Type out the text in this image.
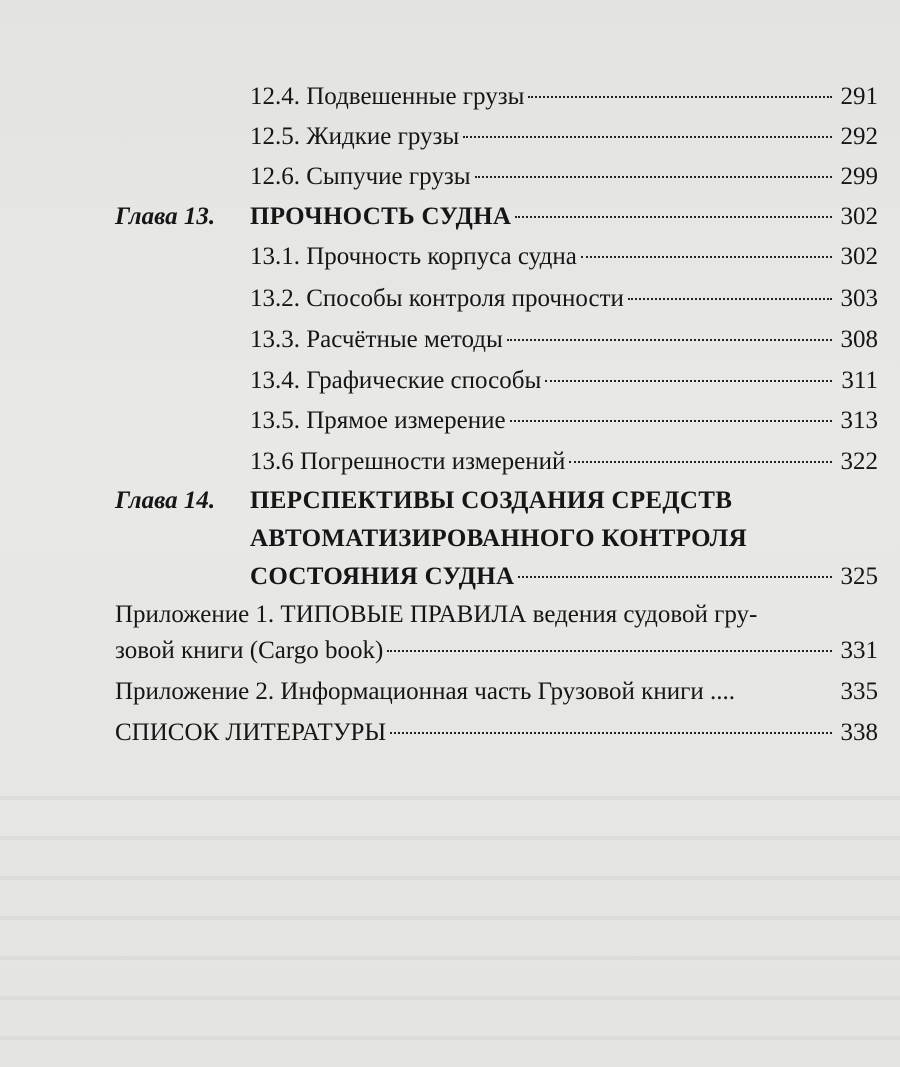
12.4. Подвешенные грузы	291
12.5. Жидкие грузы	292
12.6. Сыпучие грузы	299
Глава 13. ПРОЧНОСТЬ СУДНА	302
13.1. Прочность корпуса судна	302
13.2. Способы контроля прочности	303
13.3. Расчётные методы	308
13.4. Графические способы	311
13.5. Прямое измерение	313
13.6 Погрешности измерений	322
Глава 14. ПЕРСПЕКТИВЫ СОЗДАНИЯ СРЕДСТВ
АВТОМАТИЗИРОВАННОГО КОНТРОЛЯ
СОСТОЯНИЯ СУДНА	325
Приложение 1. ТИПОВЫЕ ПРАВИЛА ведения судовой гру-
зовой книги (Cargo book)	331
Приложение 2. Информационная часть Грузовой книги ....	335
СПИСОК ЛИТЕРАТУРЫ	338
